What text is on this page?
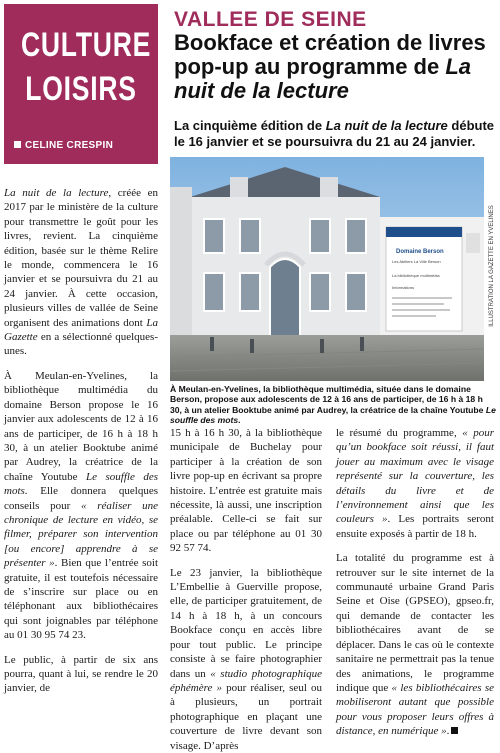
CULTURE
LOISIRS
CELINE CRESPIN
VALLEE DE SEINE
Bookface et création de livres pop-up au programme de La nuit de la lecture
La cinquième édition de La nuit de la lecture débute le 16 janvier et se poursuivra du 21 au 24 janvier.
Domaine Berson
Les Ateliers La Ville Berson
La bibliothèque multimédia
Informations	ILLUSTRATION LA GAZETTE EN YVELINES
À Meulan-en-Yvelines, la bibliothèque multimédia, située dans le domaine Berson, propose aux adolescents de 12 à 16 ans de participer, de 16 h à 18 h 30, à un atelier Booktube animé par Audrey, la créatrice de la chaîne Youtube Le souffle des mots.

La nuit de la lecture, créée en 2017 par le ministère de la culture pour transmettre le goût pour les livres, revient. La cinquième édition, basée sur le thème Relire le monde, commencera le 16 janvier et se poursuivra du 21 au 24 janvier. À cette occasion, plusieurs villes de vallée de Seine organisent des animations dont La Gazette en a sélectionné quelques-unes.

À Meulan-en-Yvelines, la bibliothèque multimédia du domaine Berson propose le 16 janvier aux adolescents de 12 à 16 ans de participer, de 16 h à 18 h 30, à un atelier Booktube animé par Audrey, la créatrice de la chaîne Youtube Le souffle des mots. Elle donnera quelques conseils pour « réaliser une chronique de lecture en vidéo, se filmer, préparer son intervention [ou encore] apprendre à se présenter ». Bien que l’entrée soit gratuite, il est toutefois nécessaire de s’inscrire sur place ou en téléphonant aux bibliothécaires qui sont joignables par téléphone au 01 30 95 74 23.

Le public, à partir de six ans pourra, quant à lui, se rendre le 20 janvier, de

15 h à 16 h 30, à la bibliothèque municipale de Buchelay pour participer à la création de son livre pop-up en écrivant sa propre histoire. L’entrée est gratuite mais nécessite, là aussi, une inscription préalable. Celle-ci se fait sur place ou par téléphone au 01 30 92 57 74.

Le 23 janvier, la bibliothèque L’Embellie à Guerville propose, elle, de participer gratuitement, de 14 h à 18 h, à un concours Bookface conçu en accès libre pour tout public. Le principe consiste à se faire photographier dans un « studio photographique éphémère » pour réaliser, seul ou à plusieurs, un portrait photographique en plaçant une couverture de livre devant son visage. D’après

le résumé du programme, « pour qu’un bookface soit réussi, il faut jouer au maximum avec le visage représenté sur la couverture, les détails du livre et de l’environnement ainsi que les couleurs ». Les portraits seront ensuite exposés à partir de 18 h.

La totalité du programme est à retrouver sur le site internet de la communauté urbaine Grand Paris Seine et Oise (GPSEO), gpseo.fr, qui demande de contacter les bibliothécaires avant de se déplacer. Dans le cas où le contexte sanitaire ne permettrait pas la tenue des animations, le programme indique que « les bibliothécaires se mobiliseront autant que possible pour vous proposer leurs offres à distance, en numérique ».
